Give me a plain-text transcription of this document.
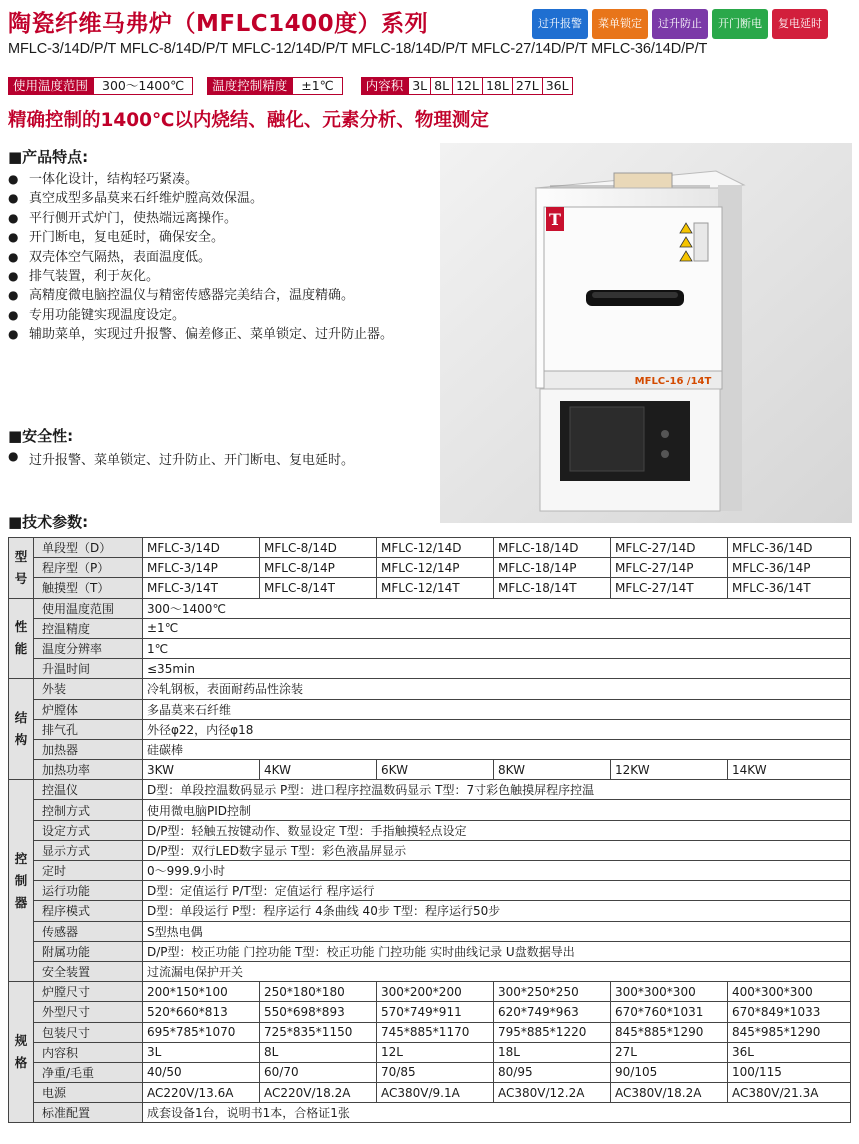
陶瓷纤维马弗炉（MFLC1400度）系列	过升报警	菜单锁定	过升防止	开门断电	复电延时
MFLC-3/14D/P/T MFLC-8/14D/P/T MFLC-12/14D/P/T MFLC-18/14D/P/T MFLC-27/14D/P/T MFLC-36/14D/P/T
使用温度范围	300～1400℃	温度控制精度	±1℃	内容积 3L 8L 12L 18L 27L 36L
精确控制的1400℃以内烧结、融化、元素分析、物理测定
■产品特点:
● 一体化设计，结构轻巧紧凑。
● 真空成型多晶莫来石纤维炉膛高效保温。
● 平行侧开式炉门，使热端远离操作。
● 开门断电，复电延时，确保安全。
● 双壳体空气隔热，表面温度低。
● 排气装置，利于灰化。
● 高精度微电脑控温仪与精密传感器完美结合，温度精确。
● 专用功能键实现温度设定。
● 辅助菜单，实现过升报警、偏差修正、菜单锁定、过升防止器。
■安全性:
● 过升报警、菜单锁定、过升防止、开门断电、复电延时。
■技术参数:
T
MFLC-16 /14T
型
号	单段型（D）	MFLC-3/14D	MFLC-8/14D	MFLC-12/14D	MFLC-18/14D	MFLC-27/14D	MFLC-36/14D
	程序型（P）	MFLC-3/14P	MFLC-8/14P	MFLC-12/14P	MFLC-18/14P	MFLC-27/14P	MFLC-36/14P
	触摸型（T）	MFLC-3/14T	MFLC-8/14T	MFLC-12/14T	MFLC-18/14T	MFLC-27/14T	MFLC-36/14T

性
能	使用温度范围	300～1400℃					
	控温精度	±1℃					
	温度分辨率	1℃					
	升温时间	≤35min					

结
构	外装	冷轧钢板，表面耐药品性涂装					
	炉膛体	多晶莫来石纤维					
	排气孔	外径φ22，内径φ18					
	加热器	硅碳棒					
	加热功率	3KW	4KW	6KW	8KW	12KW	14KW

控
制
器	控温仪	D型：单段控温数码显示 P型：进口程序控温数码显示 T型：7寸彩色触摸屏程序控温					
	控制方式	使用微电脑PID控制					
	设定方式	D/P型：轻触五按键动作、数显设定 T型：手指触摸轻点设定					
	显示方式	D/P型：双行LED数字显示 T型：彩色液晶屏显示					
	定时	0～999.9小时					
	运行功能	D型：定值运行 P/T型：定值运行 程序运行					
	程序模式	D型：单段运行 P型：程序运行 4条曲线 40步 T型：程序运行50步					
	传感器	S型热电偶					
	附属功能	D/P型：校正功能 门控功能 T型：校正功能 门控功能 实时曲线记录 U盘数据导出					
	安全装置	过流漏电保护开关					

规
格	炉膛尺寸	200*150*100	250*180*180	300*200*200	300*250*250	300*300*300	400*300*300
	外型尺寸	520*660*813	550*698*893	570*749*911	620*749*963	670*760*1031	670*849*1033
	包装尺寸	695*785*1070	725*835*1150	745*885*1170	795*885*1220	845*885*1290	845*985*1290
	内容积	3L	8L	12L	18L	27L	36L
	净重/毛重	40/50	60/70	70/85	80/95	90/105	100/115
	电源	AC220V/13.6A	AC220V/18.2A	AC380V/9.1A	AC380V/12.2A	AC380V/18.2A	AC380V/21.3A
	标准配置	成套设备1台，说明书1本，合格证1张					
